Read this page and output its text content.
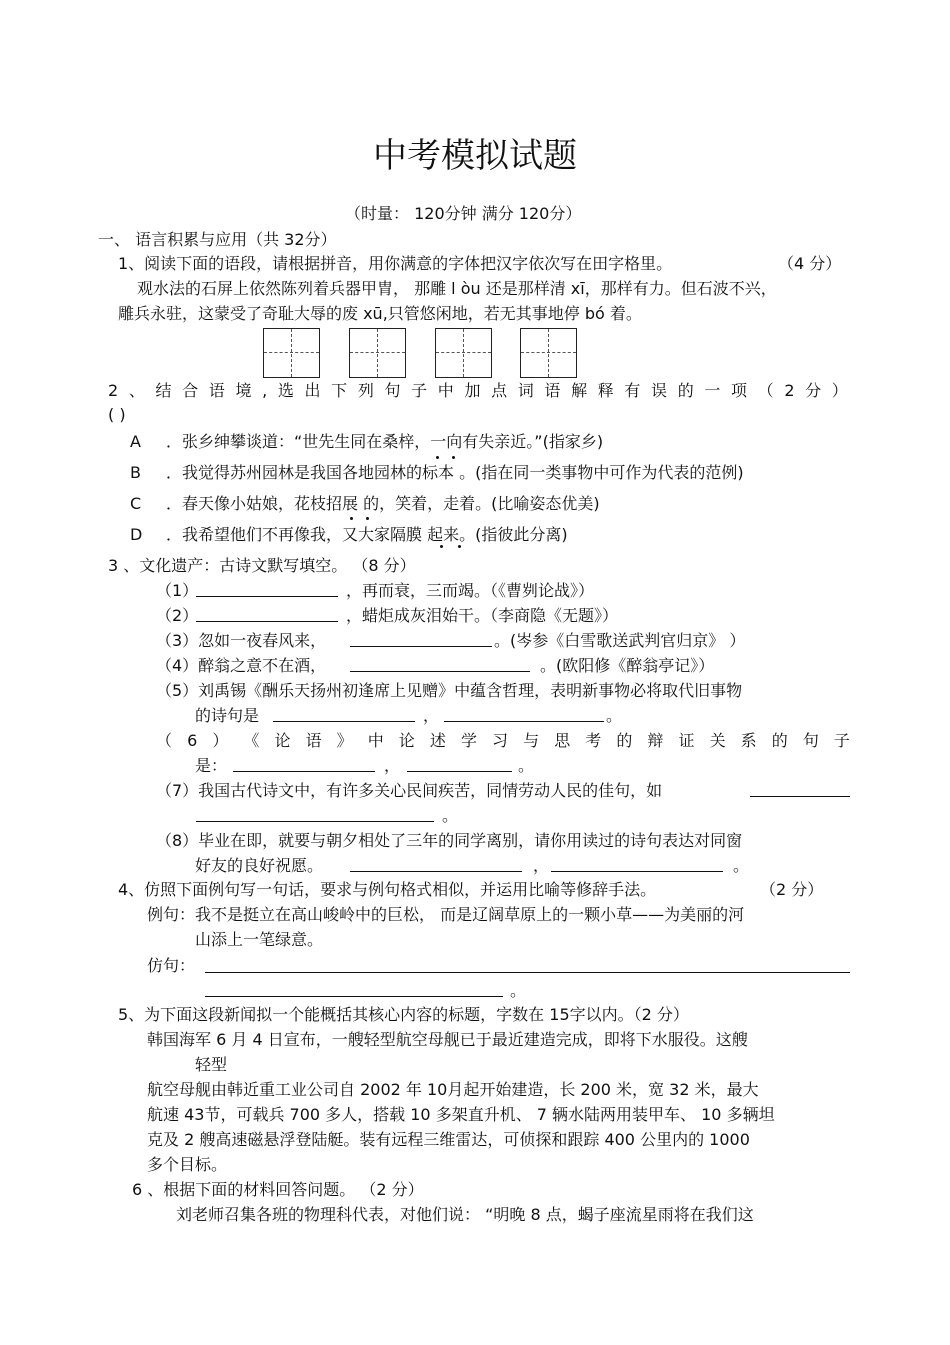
中考模拟试题
（时量： 120分钟 满分 120分）
一、 语言积累与应用（共 32分）
1、阅读下面的语段，请根据拼音，用你满意的字体把汉字依次写在田字格里。	（4 分）
观水法的石屏上依然陈列着兵器甲胄， 那雕 l òu 还是那样清 xī，那样有力。但石波不兴，
雕兵永驻，这蒙受了奇耻大辱的废 xū,只管悠闲地，若无其事地停 bó 着。
2 、 结 合 语 境 , 选 出 下 列 句 子 中 加 点 词 语 解 释 有 误 的 一 项 （ 2 分 ）
( )
A ．张乡绅攀谈道：“世先生同在桑梓，一向有失亲近。”(指家乡)
B ．我觉得苏州园林是我国各地园林的标本 。(指在同一类事物中可作为代表的范例)
C ．春天像小姑娘，花枝招展 的，笑着，走着。(比喻姿态优美)
D ．我希望他们不再像我，又大家隔膜 起来。(指彼此分离)
3 、文化遗产：古诗文默写填空。 （8 分）
（1）	，再而衰，三而竭。（《曹刿论战》）
（2）	，蜡炬成灰泪始干。（李商隐《无题》）
（3）忽如一夜春风来，	。(岑参《白雪歌送武判官归京》 ）
（4）醉翁之意不在酒，	。(欧阳修《醉翁亭记》）
（5）刘禹锡《酬乐天扬州初逢席上见赠》中蕴含哲理，表明新事物必将取代旧事物
的诗句是	，	。
（ 6 ） 《 论 语 》 中 论 述 学 习 与 思 考 的 辩 证 关 系 的 句 子
是：	，	。
（7）我国古代诗文中，有许多关心民间疾苦，同情劳动人民的佳句，如
。
（8）毕业在即，就要与朝夕相处了三年的同学离别，请你用读过的诗句表达对同窗
好友的良好祝愿。	，	。
4、仿照下面例句写一句话，要求与例句格式相似，并运用比喻等修辞手法。	（2 分）
例句：我不是挺立在高山峻岭中的巨松， 而是辽阔草原上的一颗小草——为美丽的河
山添上一笔绿意。
仿句：
。
5、为下面这段新闻拟一个能概括其核心内容的标题，字数在 15字以内。（2 分）
韩国海军 6 月 4 日宣布，一艘轻型航空母舰已于最近建造完成，即将下水服役。这艘
轻型
航空母舰由韩近重工业公司自 2002 年 10月起开始建造，长 200 米，宽 32 米，最大
航速 43节，可载兵 700 多人，搭载 10 多架直升机、 7 辆水陆两用装甲车、 10 多辆坦
克及 2 艘高速磁悬浮登陆艇。装有远程三维雷达，可侦探和跟踪 400 公里内的 1000
多个目标。
6 、根据下面的材料回答问题。 （2 分）
刘老师召集各班的物理科代表，对他们说： “明晚 8 点，蝎子座流星雨将在我们这
